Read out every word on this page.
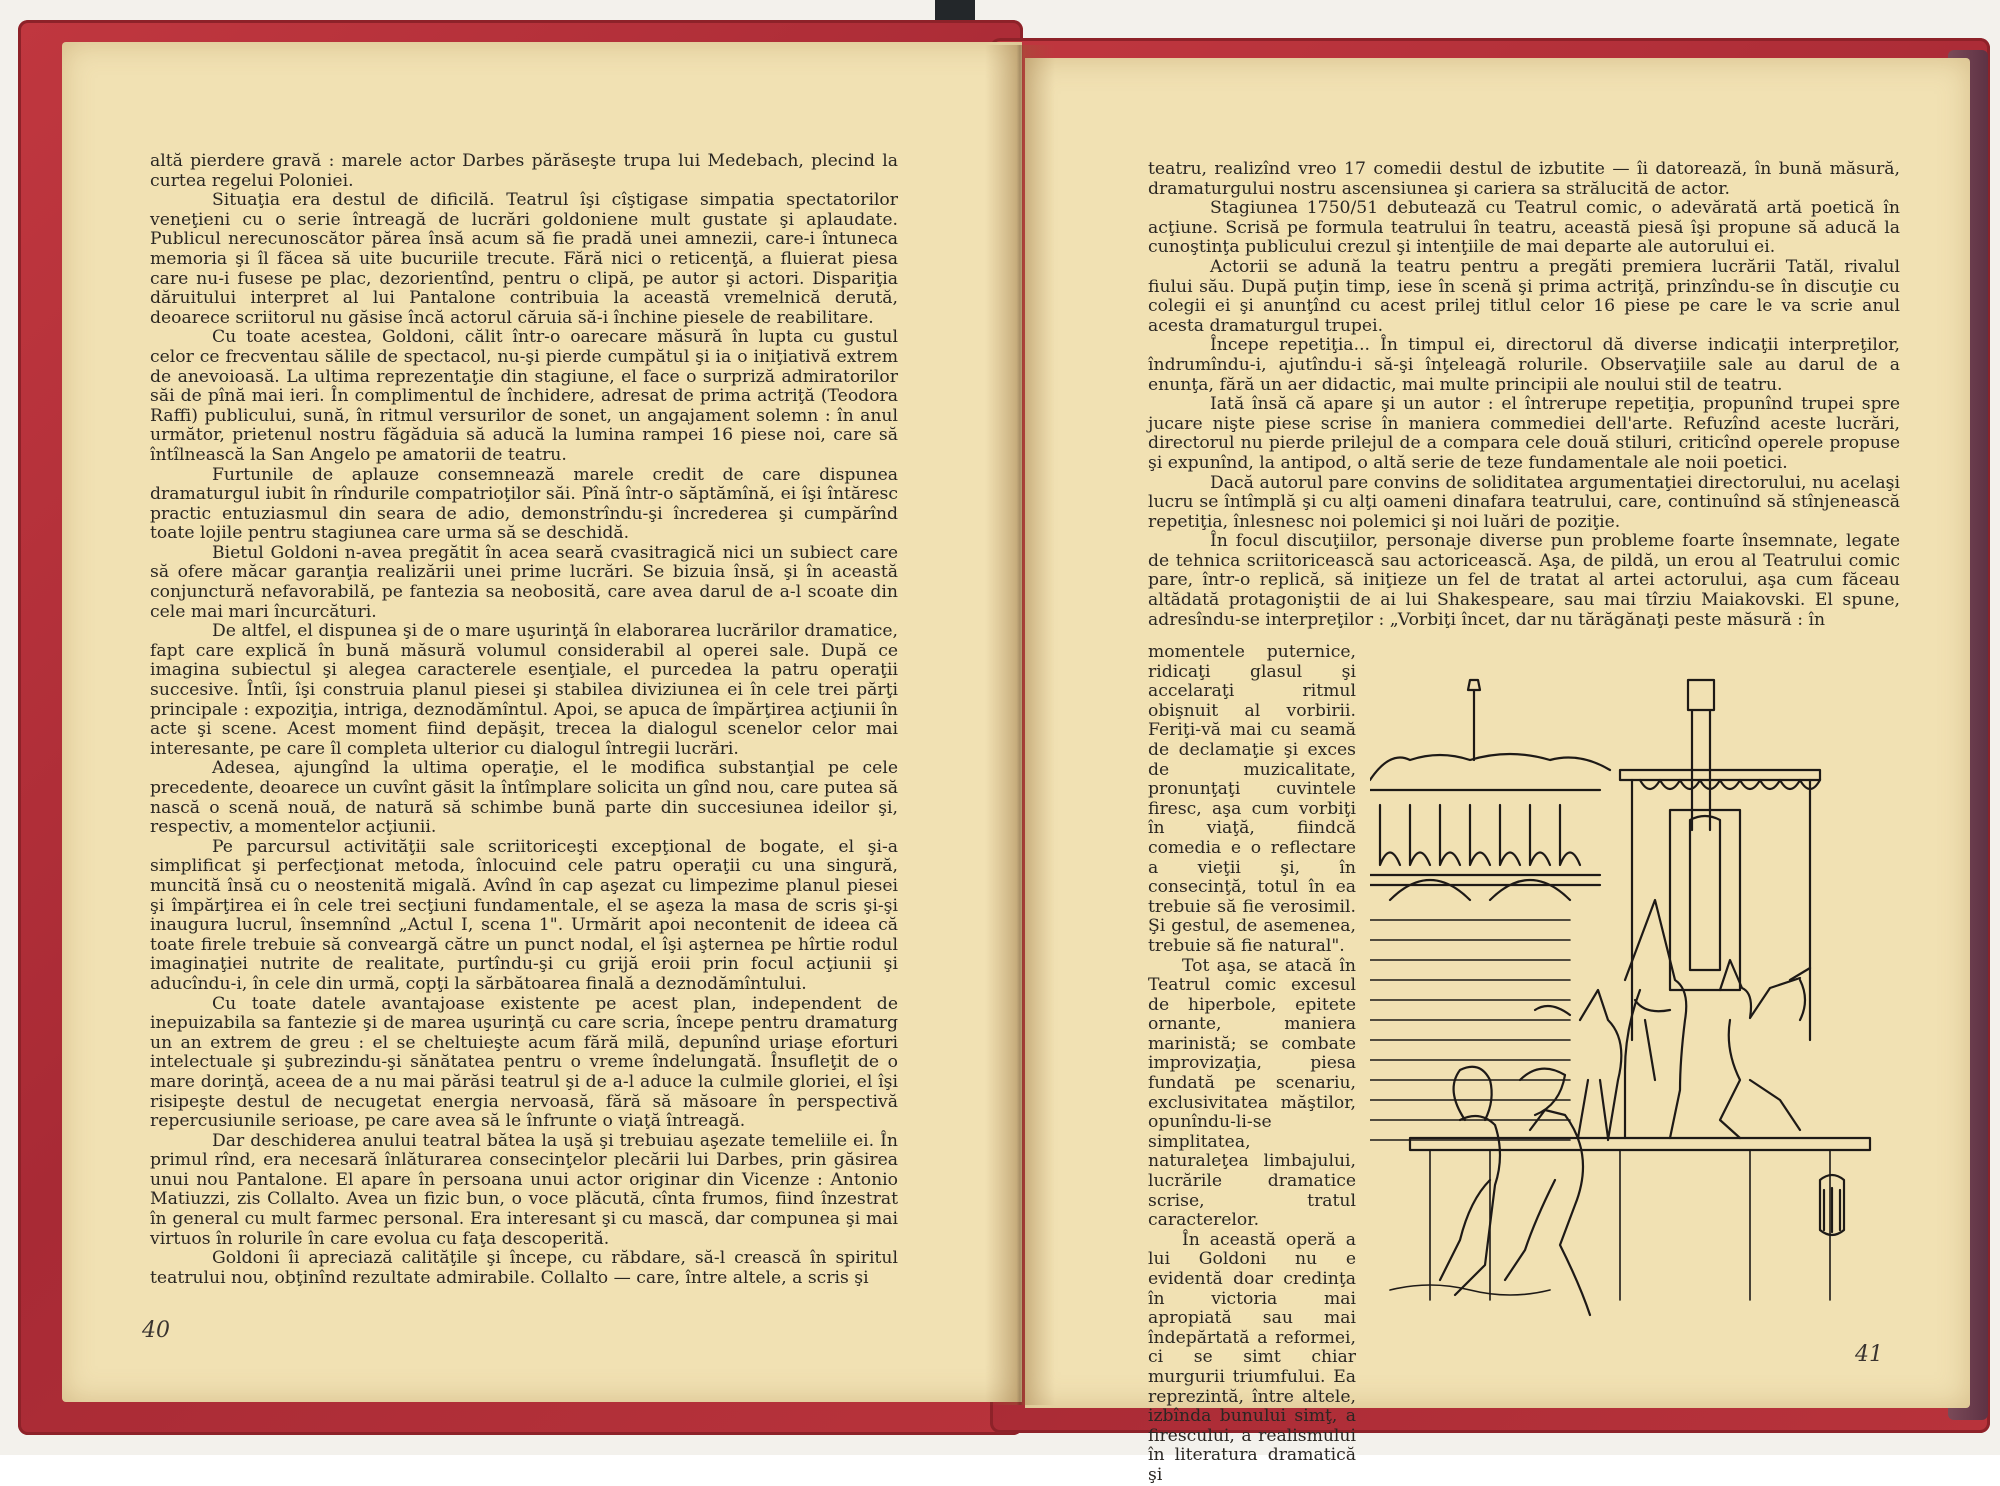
altă pierdere gravă : marele actor Darbes părăseşte trupa lui Medebach, plecind la curtea regelui Poloniei.

Situaţia era destul de dificilă. Teatrul îşi cîştigase simpatia spectatorilor veneţieni cu o serie întreagă de lucrări goldoniene mult gustate şi aplaudate. Publicul nerecunoscător părea însă acum să fie pradă unei amnezii, care-i întuneca memoria şi îl făcea să uite bucuriile trecute. Fără nici o reticenţă, a fluierat piesa care nu-i fusese pe plac, dezorientînd, pentru o clipă, pe autor şi actori. Dispariţia dăruitului interpret al lui Pantalone contribuia la această vremelnică derută, deoarece scriitorul nu găsise încă actorul căruia să-i închine piesele de reabilitare.

Cu toate acestea, Goldoni, călit într-o oarecare măsură în lupta cu gustul celor ce frecventau sălile de spectacol, nu-şi pierde cumpătul şi ia o iniţiativă extrem de anevoioasă. La ultima reprezentaţie din stagiune, el face o surpriză admiratorilor săi de pînă mai ieri. În complimentul de închidere, adresat de prima actriţă (Teodora Raffi) publicului, sună, în ritmul versurilor de sonet, un angajament solemn : în anul următor, prietenul nostru făgăduia să aducă la lumina rampei 16 piese noi, care să întîlnească la San Angelo pe amatorii de teatru.

Furtunile de aplauze consemnează marele credit de care dispunea dramaturgul iubit în rîndurile compatrioţilor săi. Pînă într-o săptămînă, ei îşi întăresc practic entuziasmul din seara de adio, demonstrîndu-şi încrederea şi cumpărînd toate lojile pentru stagiunea care urma să se deschidă.

Bietul Goldoni n-avea pregătit în acea seară cvasitragică nici un subiect care să ofere măcar garanţia realizării unei prime lucrări. Se bizuia însă, şi în această conjunctură nefavorabilă, pe fantezia sa neobosită, care avea darul de a-l scoate din cele mai mari încurcături.

De altfel, el dispunea şi de o mare uşurinţă în elaborarea lucrărilor dramatice, fapt care explică în bună măsură volumul considerabil al operei sale. După ce imagina subiectul şi alegea caracterele esenţiale, el purcedea la patru operaţii succesive. Întîi, îşi construia planul piesei şi stabilea diviziunea ei în cele trei părţi principale : expoziţia, intriga, deznodămîntul. Apoi, se apuca de împărţirea acţiunii în acte şi scene. Acest moment fiind depăşit, trecea la dialogul scenelor celor mai interesante, pe care îl completa ulterior cu dialogul întregii lucrări.

Adesea, ajungînd la ultima operaţie, el le modifica substanţial pe cele precedente, deoarece un cuvînt găsit la întîmplare solicita un gînd nou, care putea să nască o scenă nouă, de natură să schimbe bună parte din succesiunea ideilor şi, respectiv, a momentelor acţiunii.

Pe parcursul activităţii sale scriitoriceşti excepţional de bogate, el şi-a simplificat şi perfecţionat metoda, înlocuind cele patru operaţii cu una singură, muncită însă cu o neostenită migală. Avînd în cap aşezat cu limpezime planul piesei şi împărţirea ei în cele trei secţiuni fundamentale, el se aşeza la masa de scris şi-şi inaugura lucrul, însemnînd „Actul I, scena 1". Urmărit apoi necontenit de ideea că toate firele trebuie să conveargă către un punct nodal, el îşi aşternea pe hîrtie rodul imaginaţiei nutrite de realitate, purtîndu-şi cu grijă eroii prin focul acţiunii şi aducîndu-i, în cele din urmă, copţi la sărbătoarea finală a deznodămîntului.

Cu toate datele avantajoase existente pe acest plan, independent de inepuizabila sa fantezie şi de marea uşurinţă cu care scria, începe pentru dramaturg un an extrem de greu : el se cheltuieşte acum fără milă, depunînd uriaşe eforturi intelectuale şi şubrezindu-şi sănătatea pentru o vreme îndelungată. Însufleţit de o mare dorinţă, aceea de a nu mai părăsi teatrul şi de a-l aduce la culmile gloriei, el îşi risipeşte destul de necugetat energia nervoasă, fără să măsoare în perspectivă repercusiunile serioase, pe care avea să le înfrunte o viaţă întreagă.

Dar deschiderea anului teatral bătea la uşă şi trebuiau aşezate temeliile ei. În primul rînd, era necesară înlăturarea consecinţelor plecării lui Darbes, prin găsirea unui nou Pantalone. El apare în persoana unui actor originar din Vicenze : Antonio Matiuzzi, zis Collalto. Avea un fizic bun, o voce plăcută, cînta frumos, fiind înzestrat în general cu mult farmec personal. Era interesant şi cu mască, dar compunea şi mai virtuos în rolurile în care evolua cu faţa descoperită.

Goldoni îi apreciază calităţile şi începe, cu răbdare, să-l crească în spiritul teatrului nou, obţinînd rezultate admirabile. Collalto — care, între altele, a scris şi

40

teatru, realizînd vreo 17 comedii destul de izbutite — îi datorează, în bună măsură, dramaturgului nostru ascensiunea şi cariera sa strălucită de actor.

Stagiunea 1750/51 debutează cu Teatrul comic, o adevărată artă poetică în acţiune. Scrisă pe formula teatrului în teatru, această piesă îşi propune să aducă la cunoştinţa publicului crezul şi intenţiile de mai departe ale autorului ei.

Actorii se adună la teatru pentru a pregăti premiera lucrării Tatăl, rivalul fiului său. După puţin timp, iese în scenă şi prima actriţă, prinzîndu-se în discuţie cu colegii ei şi anunţînd cu acest prilej titlul celor 16 piese pe care le va scrie anul acesta dramaturgul trupei.

Începe repetiţia... În timpul ei, directorul dă diverse indicaţii interpreţilor, îndrumîndu-i, ajutîndu-i să-şi înţeleagă rolurile. Observaţiile sale au darul de a enunţa, fără un aer didactic, mai multe principii ale noului stil de teatru.

Iată însă că apare şi un autor : el întrerupe repetiţia, propunînd trupei spre jucare nişte piese scrise în maniera commediei dell'arte. Refuzînd aceste lucrări, directorul nu pierde prilejul de a compara cele două stiluri, criticînd operele propuse şi expunînd, la antipod, o altă serie de teze fundamentale ale noii poetici.

Dacă autorul pare convins de soliditatea argumentaţiei directorului, nu acelaşi lucru se întîmplă şi cu alţi oameni dinafara teatrului, care, continuînd să stînjenească repetiţia, înlesnesc noi polemici şi noi luări de poziţie.

În focul discuţiilor, personaje diverse pun probleme foarte însemnate, legate de tehnica scriitoricească sau actoricească. Aşa, de pildă, un erou al Teatrului comic pare, într-o replică, să iniţieze un fel de tratat al artei actorului, aşa cum făceau altădată protagoniştii de ai lui Shakespeare, sau mai tîrziu Maiakovski. El spune, adresîndu-se interpreţilor : „Vorbiţi încet, dar nu tărăgănaţi peste măsură : în

momentele puternice, ridicaţi glasul şi accelaraţi ritmul obişnuit al vorbirii. Feriţi-vă mai cu seamă de declamaţie şi exces de muzicalitate, pronunţaţi cuvintele firesc, aşa cum vorbiţi în viaţă, fiindcă comedia e o reflectare a vieţii şi, în consecinţă, totul în ea trebuie să fie verosimil. Şi gestul, de asemenea, trebuie să fie natural".

Tot aşa, se atacă în Teatrul comic excesul de hiperbole, epitete ornante, maniera marinistă; se combate improvizaţia, piesa fundată pe scenariu, exclusivitatea măştilor, opunîndu-li-se simplitatea, naturaleţea limbajului, lucrările dramatice scrise, tratul caracterelor.

În această operă a lui Goldoni nu e evidentă doar credinţa în victoria mai apropiată sau mai îndepărtată a reformei, ci se simt chiar murgurii triumfului. Ea reprezintă, între altele, izbînda bunului simţ, a firescului, a realismului în literatura dramatică şi

41
